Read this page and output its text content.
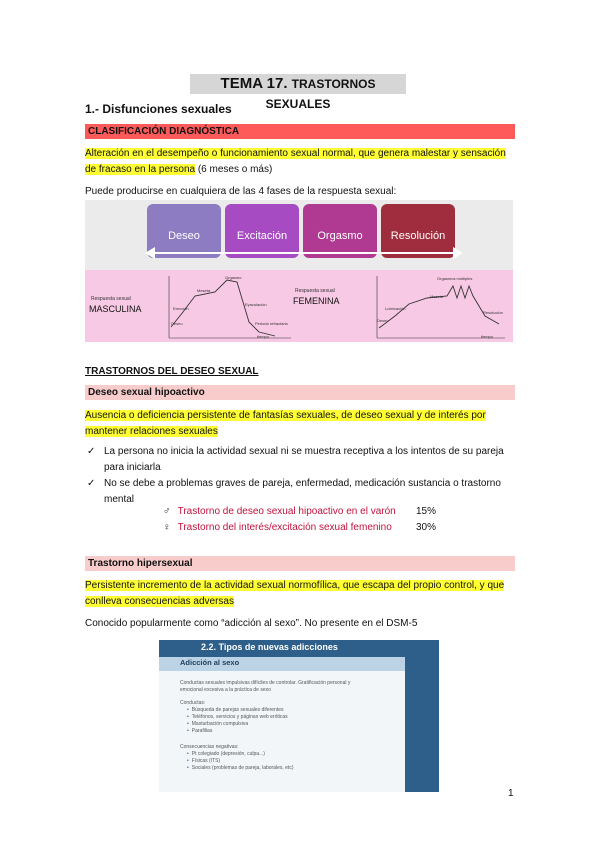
TEMA 17. TRASTORNOS SEXUALES
1.- Disfunciones sexuales
CLASIFICACIÓN DIAGNÓSTICA
Alteración en el desempeño o funcionamiento sexual normal, que genera malestar y sensación
de fracaso en la persona (6 meses o más)
Puede producirse en cualquiera de las 4 fases de la respuesta sexual:
Deseo	Excitación	Orgasmo	Resolución
Respuesta sexual
MASCULINA
Orgasmo
Meseta
Erección
Deseo
Eyaculación
Periodo refractario
tiempo
Respuesta sexual
FEMENINA
Orgasmos múltiples
Meseta
Lubricación
Deseo
Resolución
tiempo
TRASTORNOS DEL DESEO SEXUAL
Deseo sexual hipoactivo
Ausencia o deficiencia persistente de fantasías sexuales, de deseo sexual y de interés por
mantener relaciones sexuales
✓ La persona no inicia la actividad sexual ni se muestra receptiva a los intentos de su pareja
para iniciarla
✓ No se debe a problemas graves de pareja, enfermedad, medicación sustancia o trastorno
mental
♂ Trastorno de deseo sexual hipoactivo en el varón 15%
♀ Trastorno del interés/excitación sexual femenino 30%
Trastorno hipersexual
Persistente incremento de la actividad sexual normofílica, que escapa del propio control, y que
conlleva consecuencias adversas
Conocido popularmente como “adicción al sexo”. No presente en el DSM-5
2.2. Tipos de nuevas adicciones
Adicción al sexo
Conductas sexuales impulsivas difíciles de controlar. Gratificación personal y
emocional excesiva a la práctica de sexo
Conductas:
• Búsqueda de parejas sexuales diferentes
• Teléfonos, servicios y páginas web eróticas
• Masturbación compulsiva
• Parafilias
Consecuencias negativas:
• Pt colegiado (depresión, culpa...)
• Físicas (ITS)
• Sociales (problemas de pareja, laborales, etc)
1
